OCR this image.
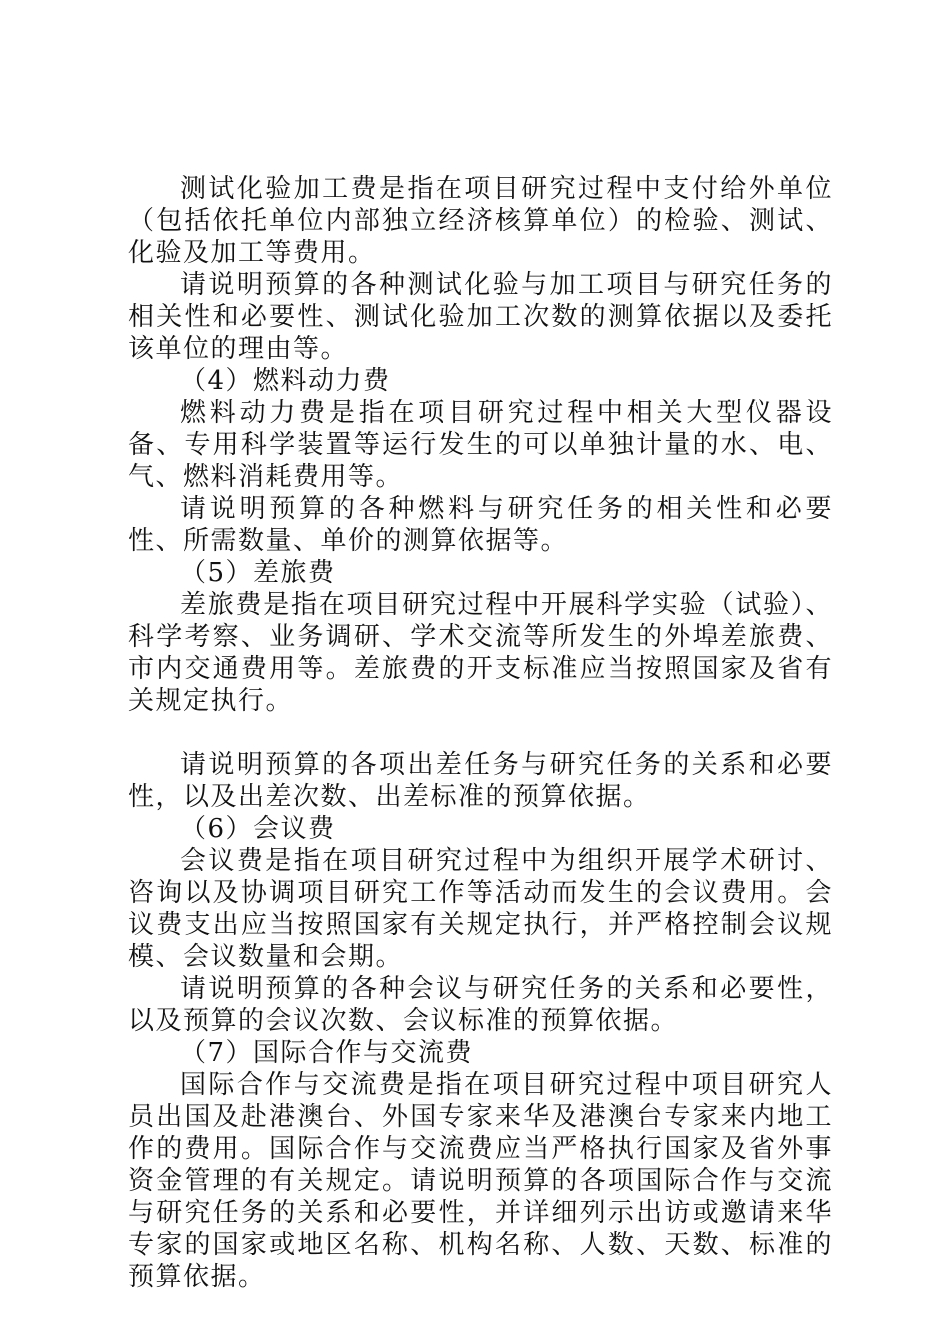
测试化验加工费是指在项目研究过程中支付给外单位（包括依托单位内部独立经济核算单位）的检验、测试、化验及加工等费用。

请说明预算的各种测试化验与加工项目与研究任务的相关性和必要性、测试化验加工次数的测算依据以及委托该单位的理由等。

（4）燃料动力费

燃料动力费是指在项目研究过程中相关大型仪器设备、专用科学装置等运行发生的可以单独计量的水、电、气、燃料消耗费用等。

请说明预算的各种燃料与研究任务的相关性和必要性、所需数量、单价的测算依据等。

（5）差旅费

差旅费是指在项目研究过程中开展科学实验（试验）、科学考察、业务调研、学术交流等所发生的外埠差旅费、市内交通费用等。差旅费的开支标准应当按照国家及省有关规定执行。

请说明预算的各项出差任务与研究任务的关系和必要性，以及出差次数、出差标准的预算依据。

（6）会议费

会议费是指在项目研究过程中为组织开展学术研讨、咨询以及协调项目研究工作等活动而发生的会议费用。会议费支出应当按照国家有关规定执行，并严格控制会议规模、会议数量和会期。

请说明预算的各种会议与研究任务的关系和必要性，以及预算的会议次数、会议标准的预算依据。

（7）国际合作与交流费

国际合作与交流费是指在项目研究过程中项目研究人员出国及赴港澳台、外国专家来华及港澳台专家来内地工作的费用。国际合作与交流费应当严格执行国家及省外事资金管理的有关规定。请说明预算的各项国际合作与交流与研究任务的关系和必要性，并详细列示出访或邀请来华专家的国家或地区名称、机构名称、人数、天数、标准的预算依据。
